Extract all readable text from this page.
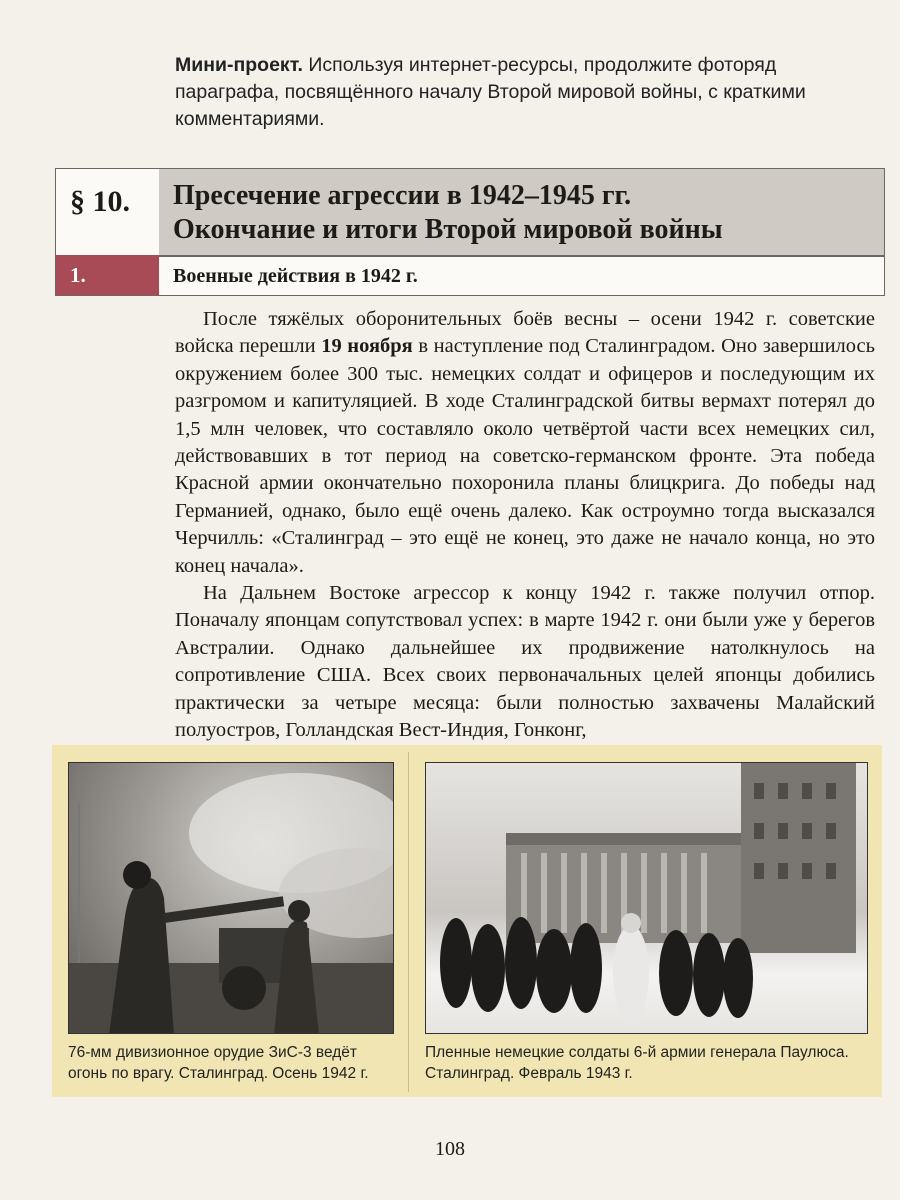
Мини-проект. Используя интернет-ресурсы, продолжите фоторяд параграфа, посвящённого началу Второй мировой войны, с краткими комментариями.
§ 10.	Пресечение агрессии в 1942–1945 гг.
Окончание и итоги Второй мировой войны
1.	Военные действия в 1942 г.

После тяжёлых оборонительных боёв весны – осени 1942 г. советские войска перешли 19 ноября в наступление под Сталинградом. Оно завершилось окружением более 300 тыс. немецких солдат и офицеров и последующим их разгромом и капитуляцией. В ходе Сталинградской битвы вермахт потерял до 1,5 млн человек, что составляло около четвёртой части всех немецких сил, действовавших в тот период на советско-германском фронте. Эта победа Красной армии окончательно похоронила планы блицкрига. До победы над Германией, однако, было ещё очень далеко. Как остроумно тогда высказался Черчилль: «Сталинград – это ещё не конец, это даже не начало конца, но это конец начала».

На Дальнем Востоке агрессор к концу 1942 г. также получил отпор. Поначалу японцам сопутствовал успех: в марте 1942 г. они были уже у берегов Австралии. Однако дальнейшее их продвижение натолкнулось на сопротивление США. Всех своих первоначальных целей японцы добились практически за четыре месяца: были полностью захвачены Малайский полуостров, Голландская Вест-Индия, Гонконг,

76-мм дивизионное орудие ЗиС-3 ведёт огонь по врагу. Сталинград. Осень 1942 г.
Пленные немецкие солдаты 6-й армии генерала Паулюса. Сталинград. Февраль 1943 г.
108
